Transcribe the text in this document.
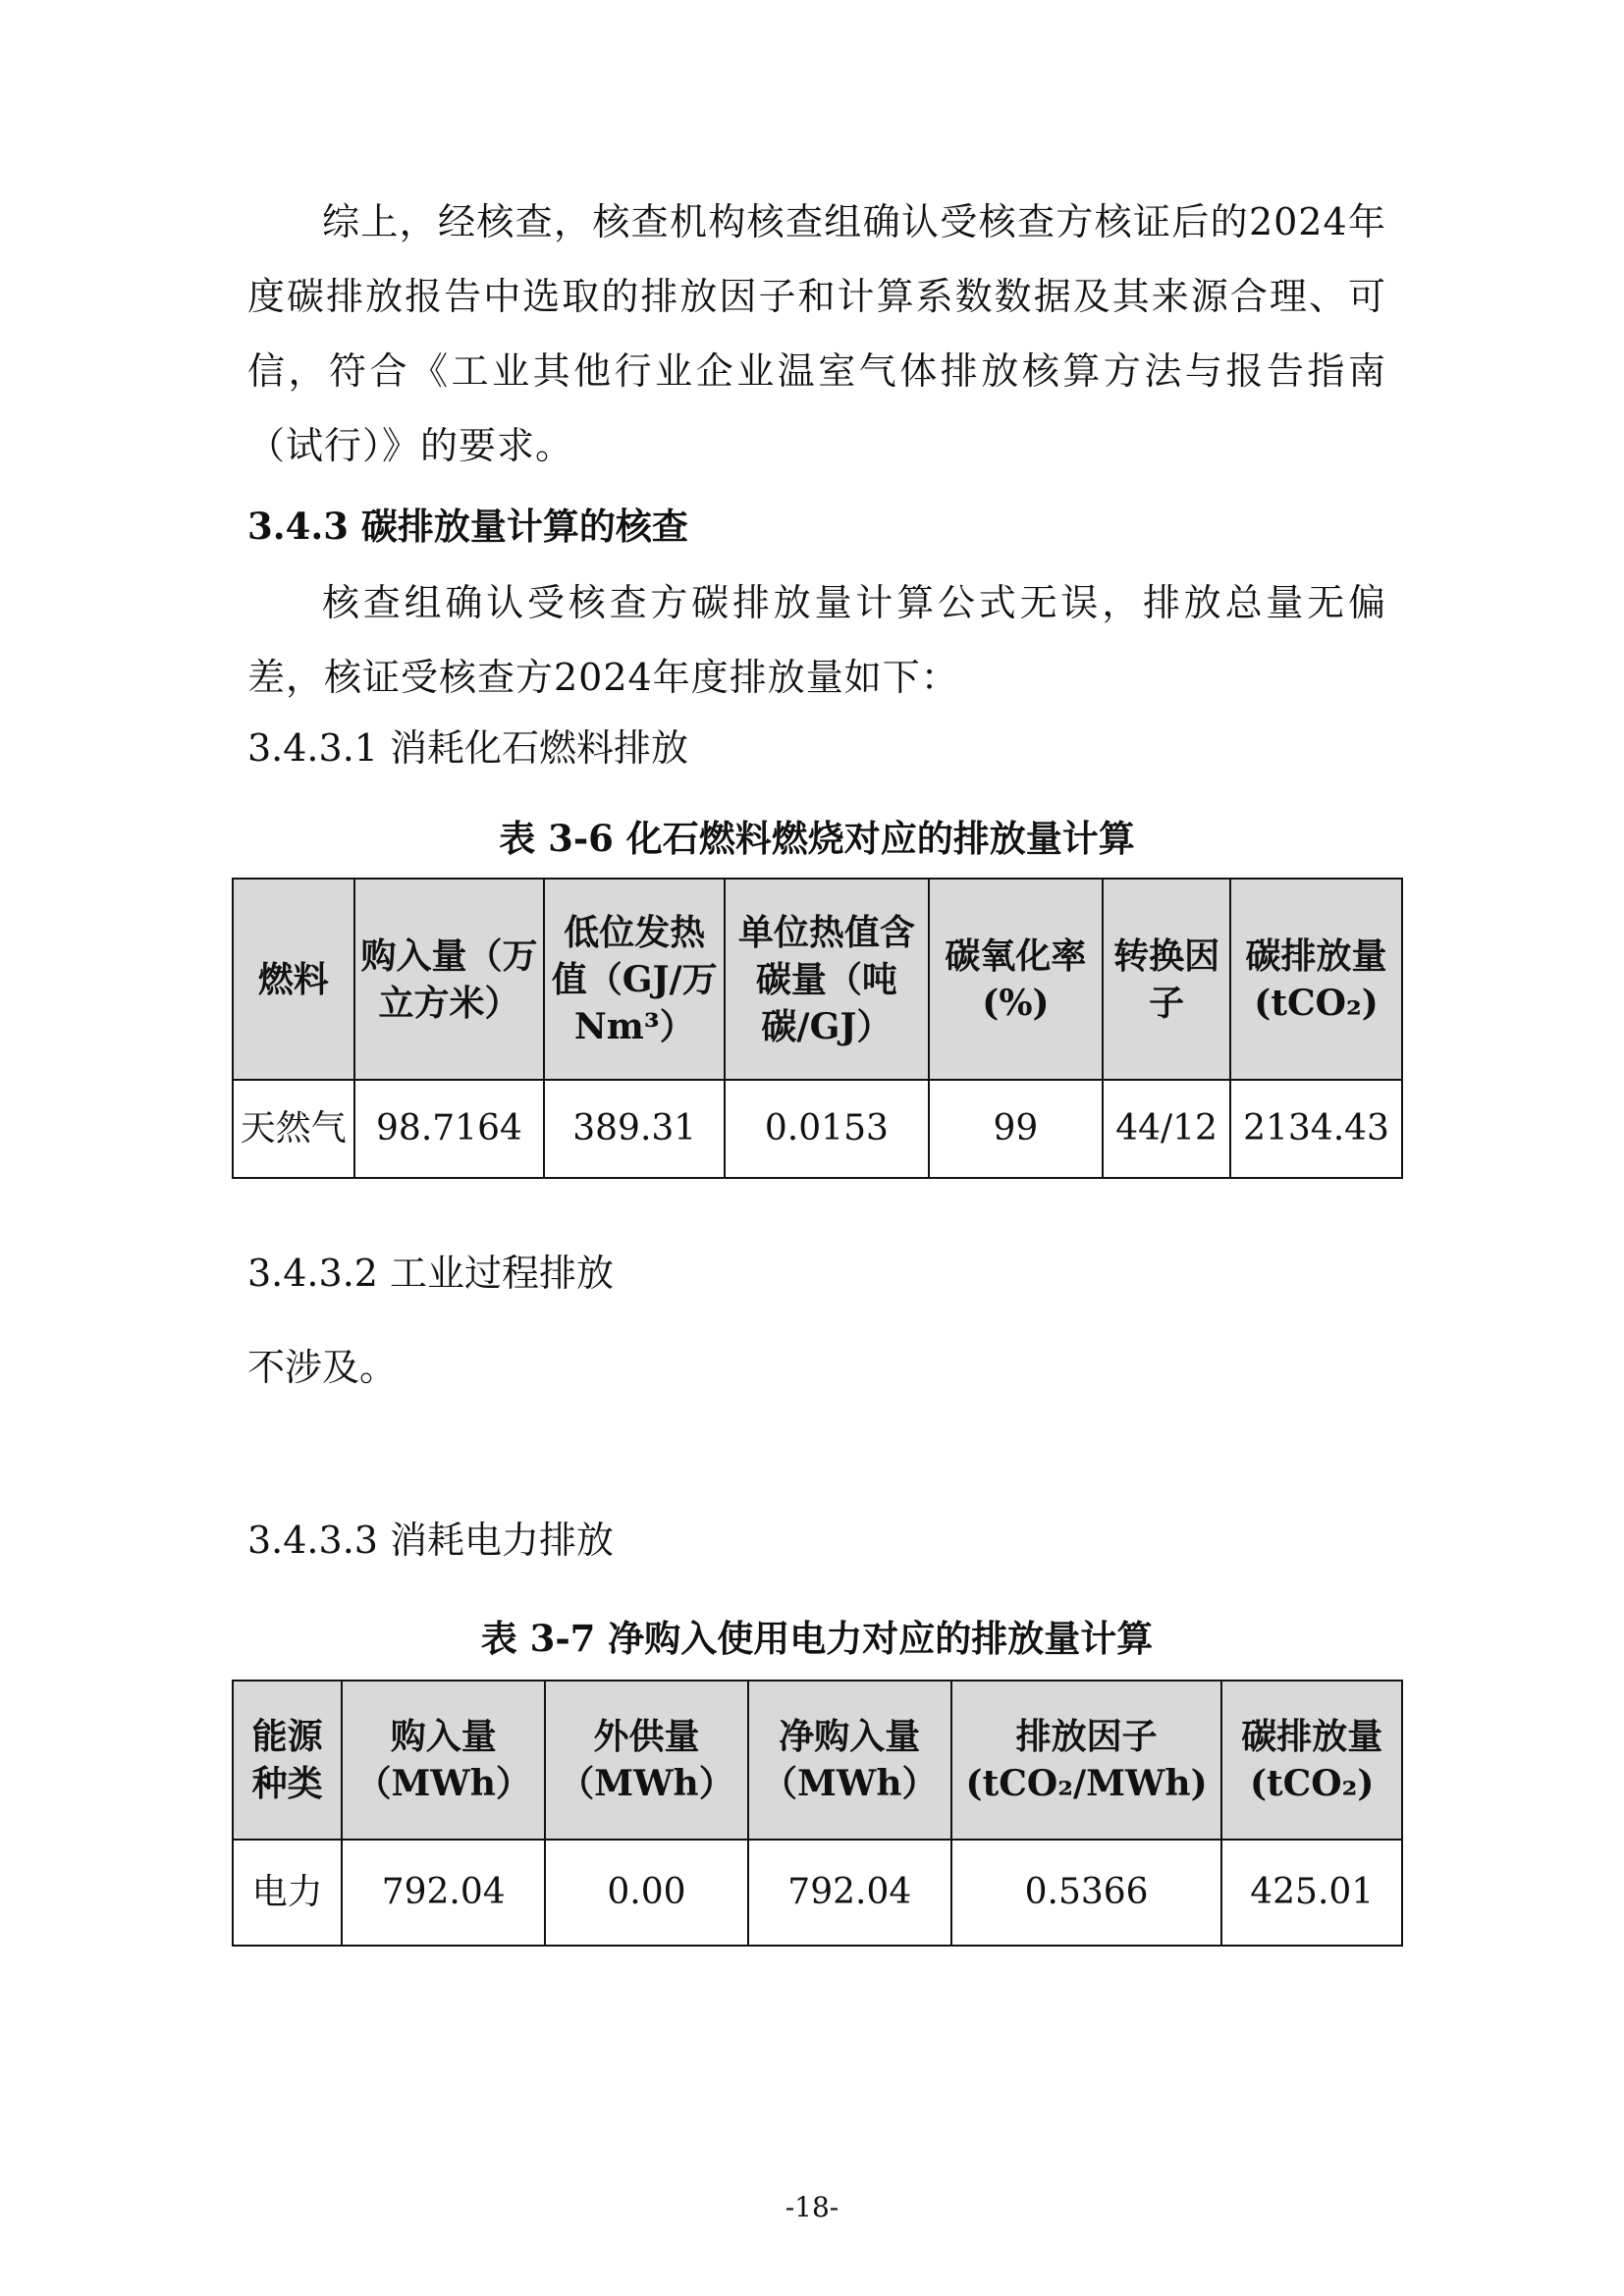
综上，经核查，核查机构核查组确认受核查方核证后的2024年度碳排放报告中选取的排放因子和计算系数数据及其来源合理、可信，符合《工业其他行业企业温室气体排放核算方法与报告指南（试行）》的要求。

3.4.3 碳排放量计算的核查

核查组确认受核查方碳排放量计算公式无误，排放总量无偏差，核证受核查方2024年度排放量如下：

3.4.3.1 消耗化石燃料排放
表 3-6 化石燃料燃烧对应的排放量计算
燃料	购入量（万立方米）	低位发热值（GJ/万Nm³）	单位热值含碳量（吨碳/GJ）	碳氧化率(%)	转换因子	碳排放量(tCO₂)
天然气	98.7164	389.31	0.0153	99	44/12	2134.43
3.4.3.2 工业过程排放
不涉及。
3.4.3.3 消耗电力排放
表 3-7 净购入使用电力对应的排放量计算
能源种类	购入量（MWh）	外供量（MWh）	净购入量（MWh）	排放因子(tCO₂/MWh)	碳排放量(tCO₂)
电力	792.04	0.00	792.04	0.5366	425.01
-18-
